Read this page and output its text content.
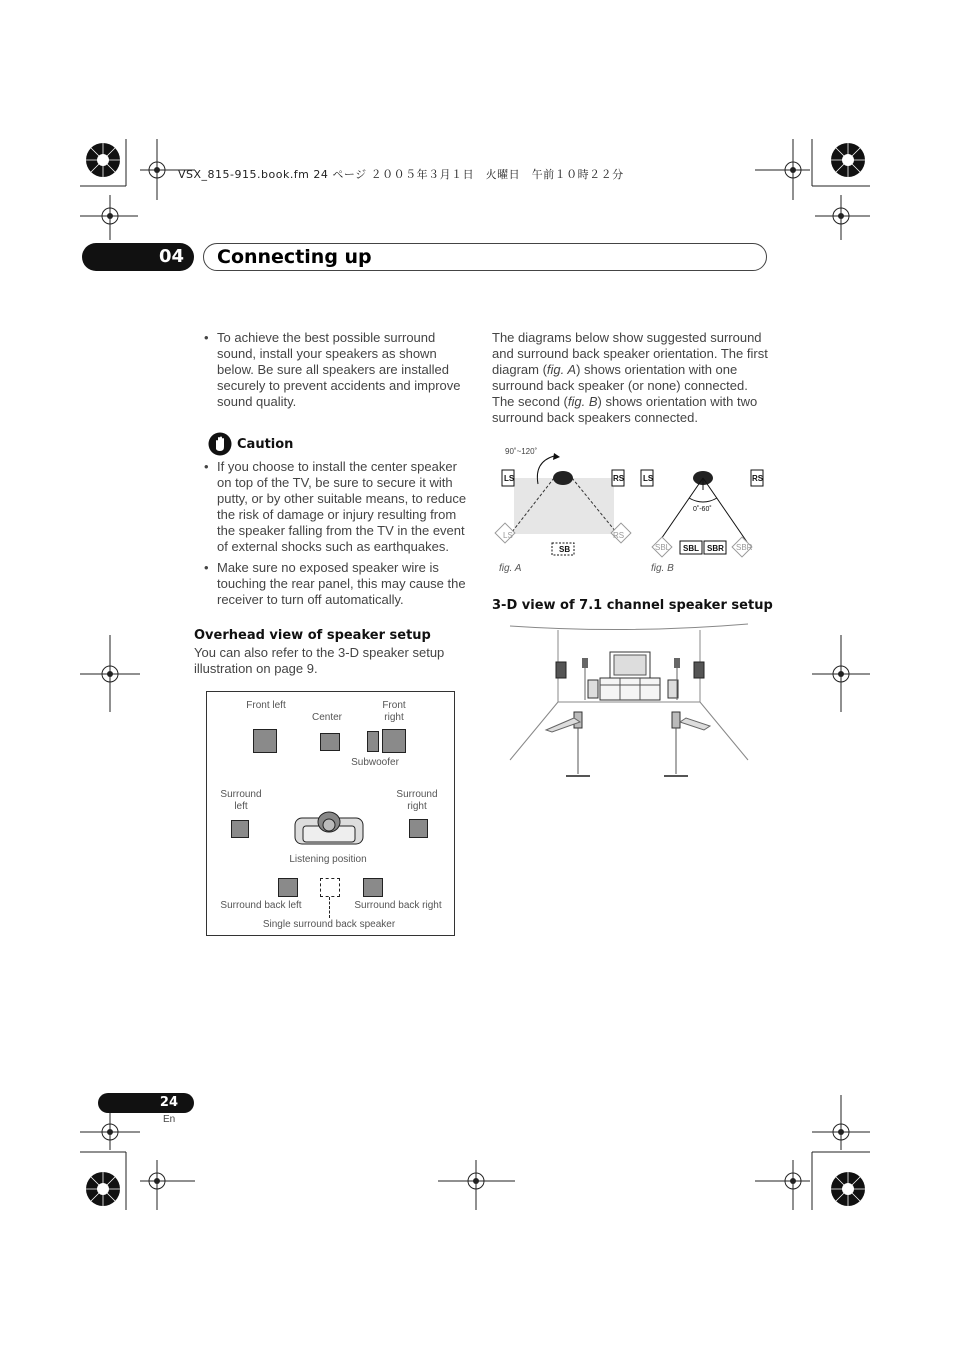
VSX_815-915.book.fm 24 ページ ２００５年３月１日　火曜日　午前１０時２２分
04	Connecting up
• To achieve the best possible surround sound, install your speakers as shown below. Be sure all speakers are installed securely to prevent accidents and improve sound quality.
Caution
• If you choose to install the center speaker on top of the TV, be sure to secure it with putty, or by other suitable means, to reduce the risk of damage or injury resulting from the speaker falling from the TV in the event of external shocks such as earthquakes.
• Make sure no exposed speaker wire is touching the rear panel, this may cause the receiver to turn off automatically.
Overhead view of speaker setup
You can also refer to the 3-D speaker setup illustration on page 9.
Front left
Center
Front right
Subwoofer
Surround left
Surround right
Listening position
Surround back left	Surround back right
Single surround back speaker
The diagrams below show suggested surround and surround back speaker orientation. The first diagram (fig. A) shows orientation with one surround back speaker (or none) connected. The second (fig. B) shows orientation with two surround back speakers connected.
90˚~120˚
LS	RS
LS	RS
SB
fig. A
LS	RS
0˚-60˚
SBL SBL SBR SBR
fig. B
3-D view of 7.1 channel speaker setup
24
En
